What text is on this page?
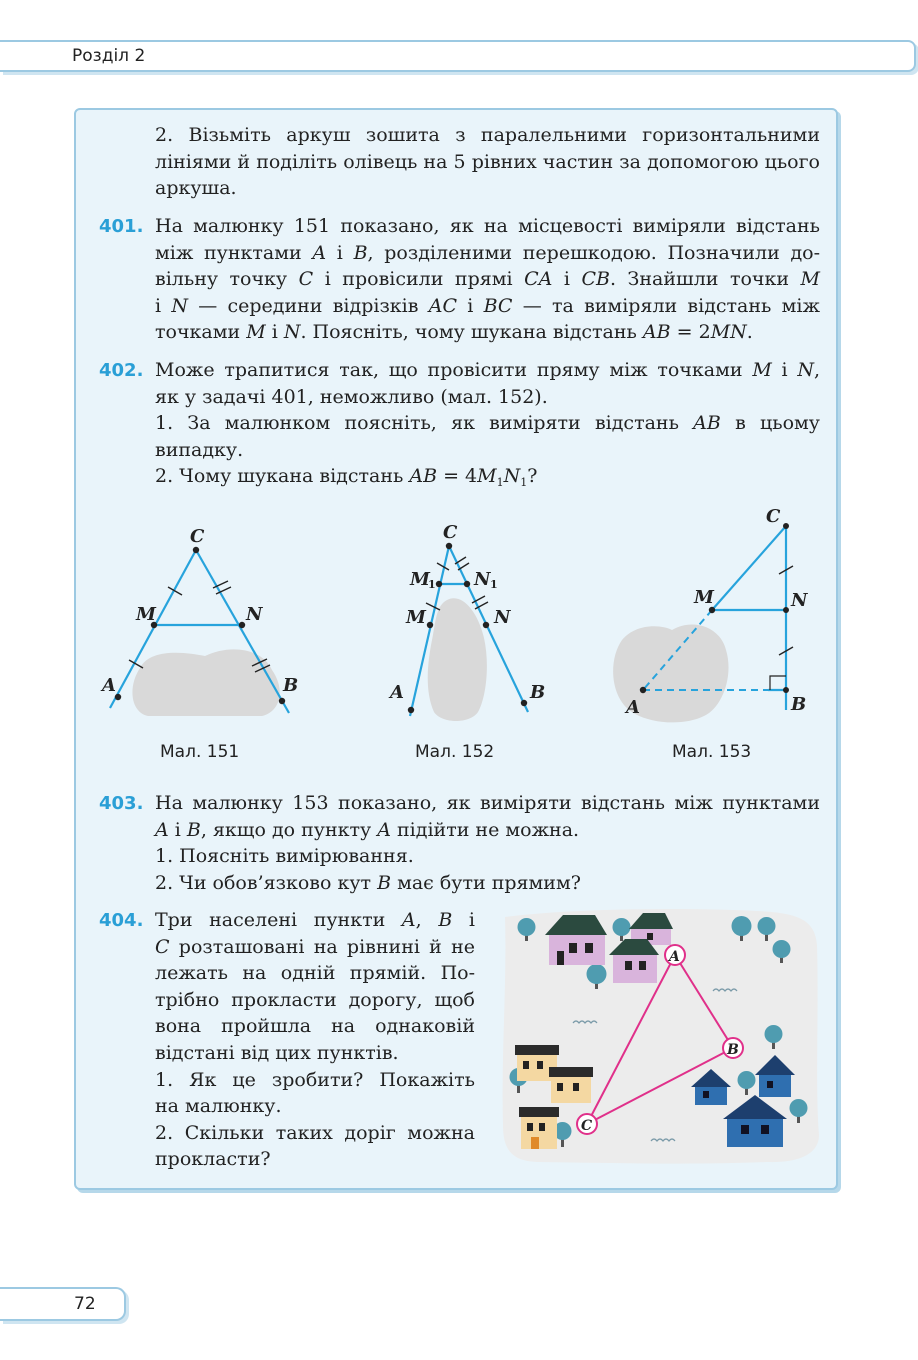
Розділ 2

2. Візьміть аркуш зошита з паралельними горизонтальними лініями й поділіть олівець на 5 рівних частин за допомогою цього аркуша.

401. На малюнку 151 показано, як на місцевості виміряли відстань

між пунктами A і B, розділеними перешкодою. Позначили до-

вільну точку C і провісили прямі CA і CB. Знайшли точки M

і N — середини відрізків AC і BC — та виміряли відстань між

точками M і N. Поясніть, чому шукана відстань AB = 2MN.

402. Може трапитися так, що провісити пряму між точками M і N,

як у задачі 401, неможливо (мал. 152).

1. За малюнком поясніть, як виміряти відстань AB в цьому випадку.

2. Чому шукана відстань AB = $4M_1N_1$?

C
M	N
A	B
C
M
1 N 1
M	N
A	B
C
M	N
A	B
Мал. 151	Мал. 152	Мал. 153
403. На малюнку 153 показано, як виміряти відстань між пунктами

A і B, якщо до пункту A підійти не можна.

1. Поясніть вимірювання.

2. Чи обов’язково кут B має бути прямим?

404. Три населені пункти A, B і

C розташовані на рівнині й не

лежать на одній прямій. По-

трібно прокласти дорогу, щоб

вона пройшла на однаковій

відстані від цих пунктів.

1. Як це зробити? Покажіть

на малюнку.

2. Скільки таких доріг можна

прокласти?

A
B
C
72
